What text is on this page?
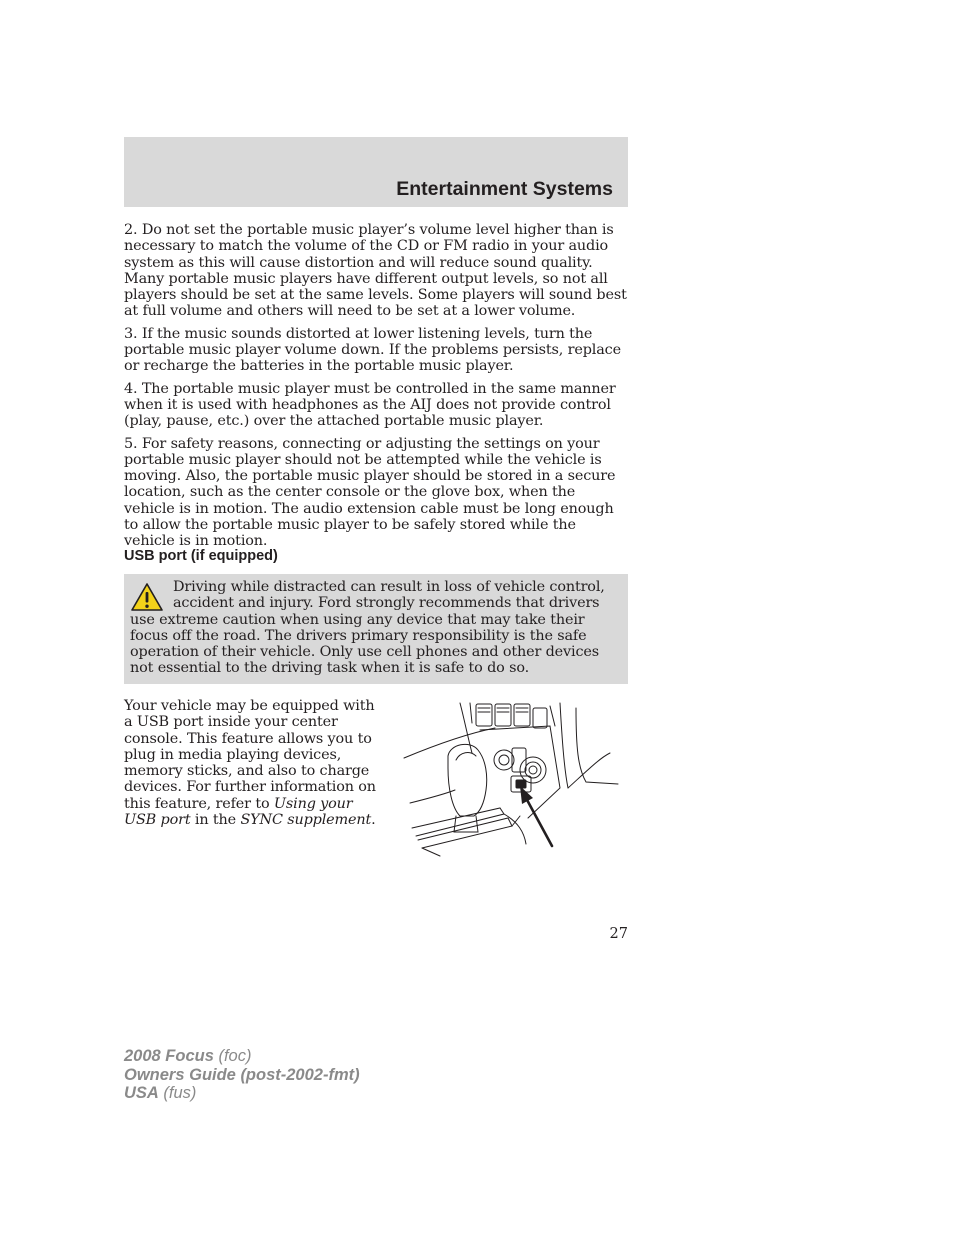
Entertainment Systems

2. Do not set the portable music player’s volume level higher than is necessary to match the volume of the CD or FM radio in your audio system as this will cause distortion and will reduce sound quality. Many portable music players have different output levels, so not all players should be set at the same levels. Some players will sound best at full volume and others will need to be set at a lower volume.

3. If the music sounds distorted at lower listening levels, turn the portable music player volume down. If the problems persists, replace or recharge the batteries in the portable music player.

4. The portable music player must be controlled in the same manner when it is used with headphones as the AIJ does not provide control (play, pause, etc.) over the attached portable music player.

5. For safety reasons, connecting or adjusting the settings on your portable music player should not be attempted while the vehicle is moving. Also, the portable music player should be stored in a secure location, such as the center console or the glove box, when the vehicle is in motion. The audio extension cable must be long enough to allow the portable music player to be safely stored while the vehicle is in motion.

USB port (if equipped)
Driving while distracted can result in loss of vehicle control, accident and injury. Ford strongly recommends that drivers use extreme caution when using any device that may take their focus off the road. The drivers primary responsibility is the safe operation of their vehicle. Only use cell phones and other devices not essential to the driving task when it is safe to do so.
Your vehicle may be equipped with a USB port inside your center console. This feature allows you to plug in media playing devices, memory sticks, and also to charge devices. For further information on this feature, refer to Using your USB port in the SYNC supplement.
27
2008 Focus (foc)
Owners Guide (post-2002-fmt)
USA (fus)
